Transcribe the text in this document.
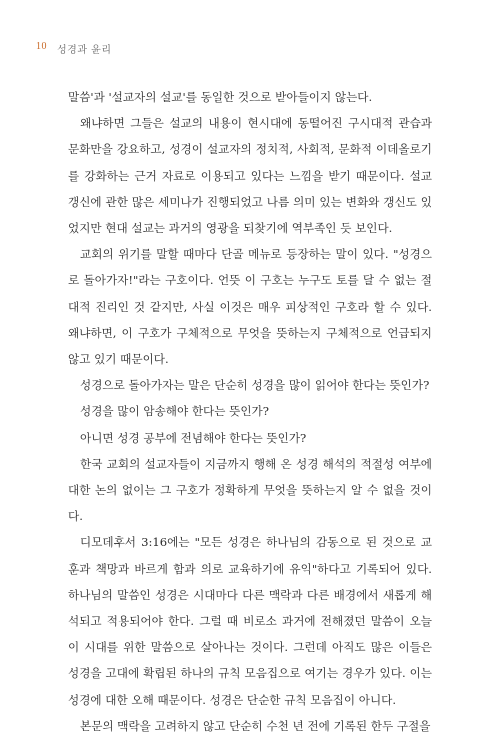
10 성경과 윤리

말씀'과 '설교자의 설교'를 동일한 것으로 받아들이지 않는다.

왜냐하면 그들은 설교의 내용이 현시대에 동떨어진 구시대적 관습과 문화만을 강요하고, 성경이 설교자의 정치적, 사회적, 문화적 이데올로기를 강화하는 근거 자료로 이용되고 있다는 느낌을 받기 때문이다. 설교 갱신에 관한 많은 세미나가 진행되었고 나름 의미 있는 변화와 갱신도 있었지만 현대 설교는 과거의 영광을 되찾기에 역부족인 듯 보인다.

교회의 위기를 말할 때마다 단골 메뉴로 등장하는 말이 있다. "성경으로 돌아가자!"라는 구호이다. 언뜻 이 구호는 누구도 토를 달 수 없는 절대적 진리인 것 같지만, 사실 이것은 매우 피상적인 구호라 할 수 있다. 왜냐하면, 이 구호가 구체적으로 무엇을 뜻하는지 구체적으로 언급되지 않고 있기 때문이다.

성경으로 돌아가자는 말은 단순히 성경을 많이 읽어야 한다는 뜻인가?

성경을 많이 암송해야 한다는 뜻인가?

아니면 성경 공부에 전념해야 한다는 뜻인가?

한국 교회의 설교자들이 지금까지 행해 온 성경 해석의 적절성 여부에 대한 논의 없이는 그 구호가 정확하게 무엇을 뜻하는지 알 수 없을 것이다.

디모데후서 3:16에는 "모든 성경은 하나님의 감동으로 된 것으로 교훈과 책망과 바르게 함과 의로 교육하기에 유익"하다고 기록되어 있다. 하나님의 말씀인 성경은 시대마다 다른 맥락과 다른 배경에서 새롭게 해석되고 적용되어야 한다. 그럴 때 비로소 과거에 전해졌던 말씀이 오늘 이 시대를 위한 말씀으로 살아나는 것이다. 그런데 아직도 많은 이들은 성경을 고대에 확립된 하나의 규칙 모음집으로 여기는 경우가 있다. 이는 성경에 대한 오해 때문이다. 성경은 단순한 규칙 모음집이 아니다.

본문의 맥락을 고려하지 않고 단순히 수천 년 전에 기록된 한두 구절을
